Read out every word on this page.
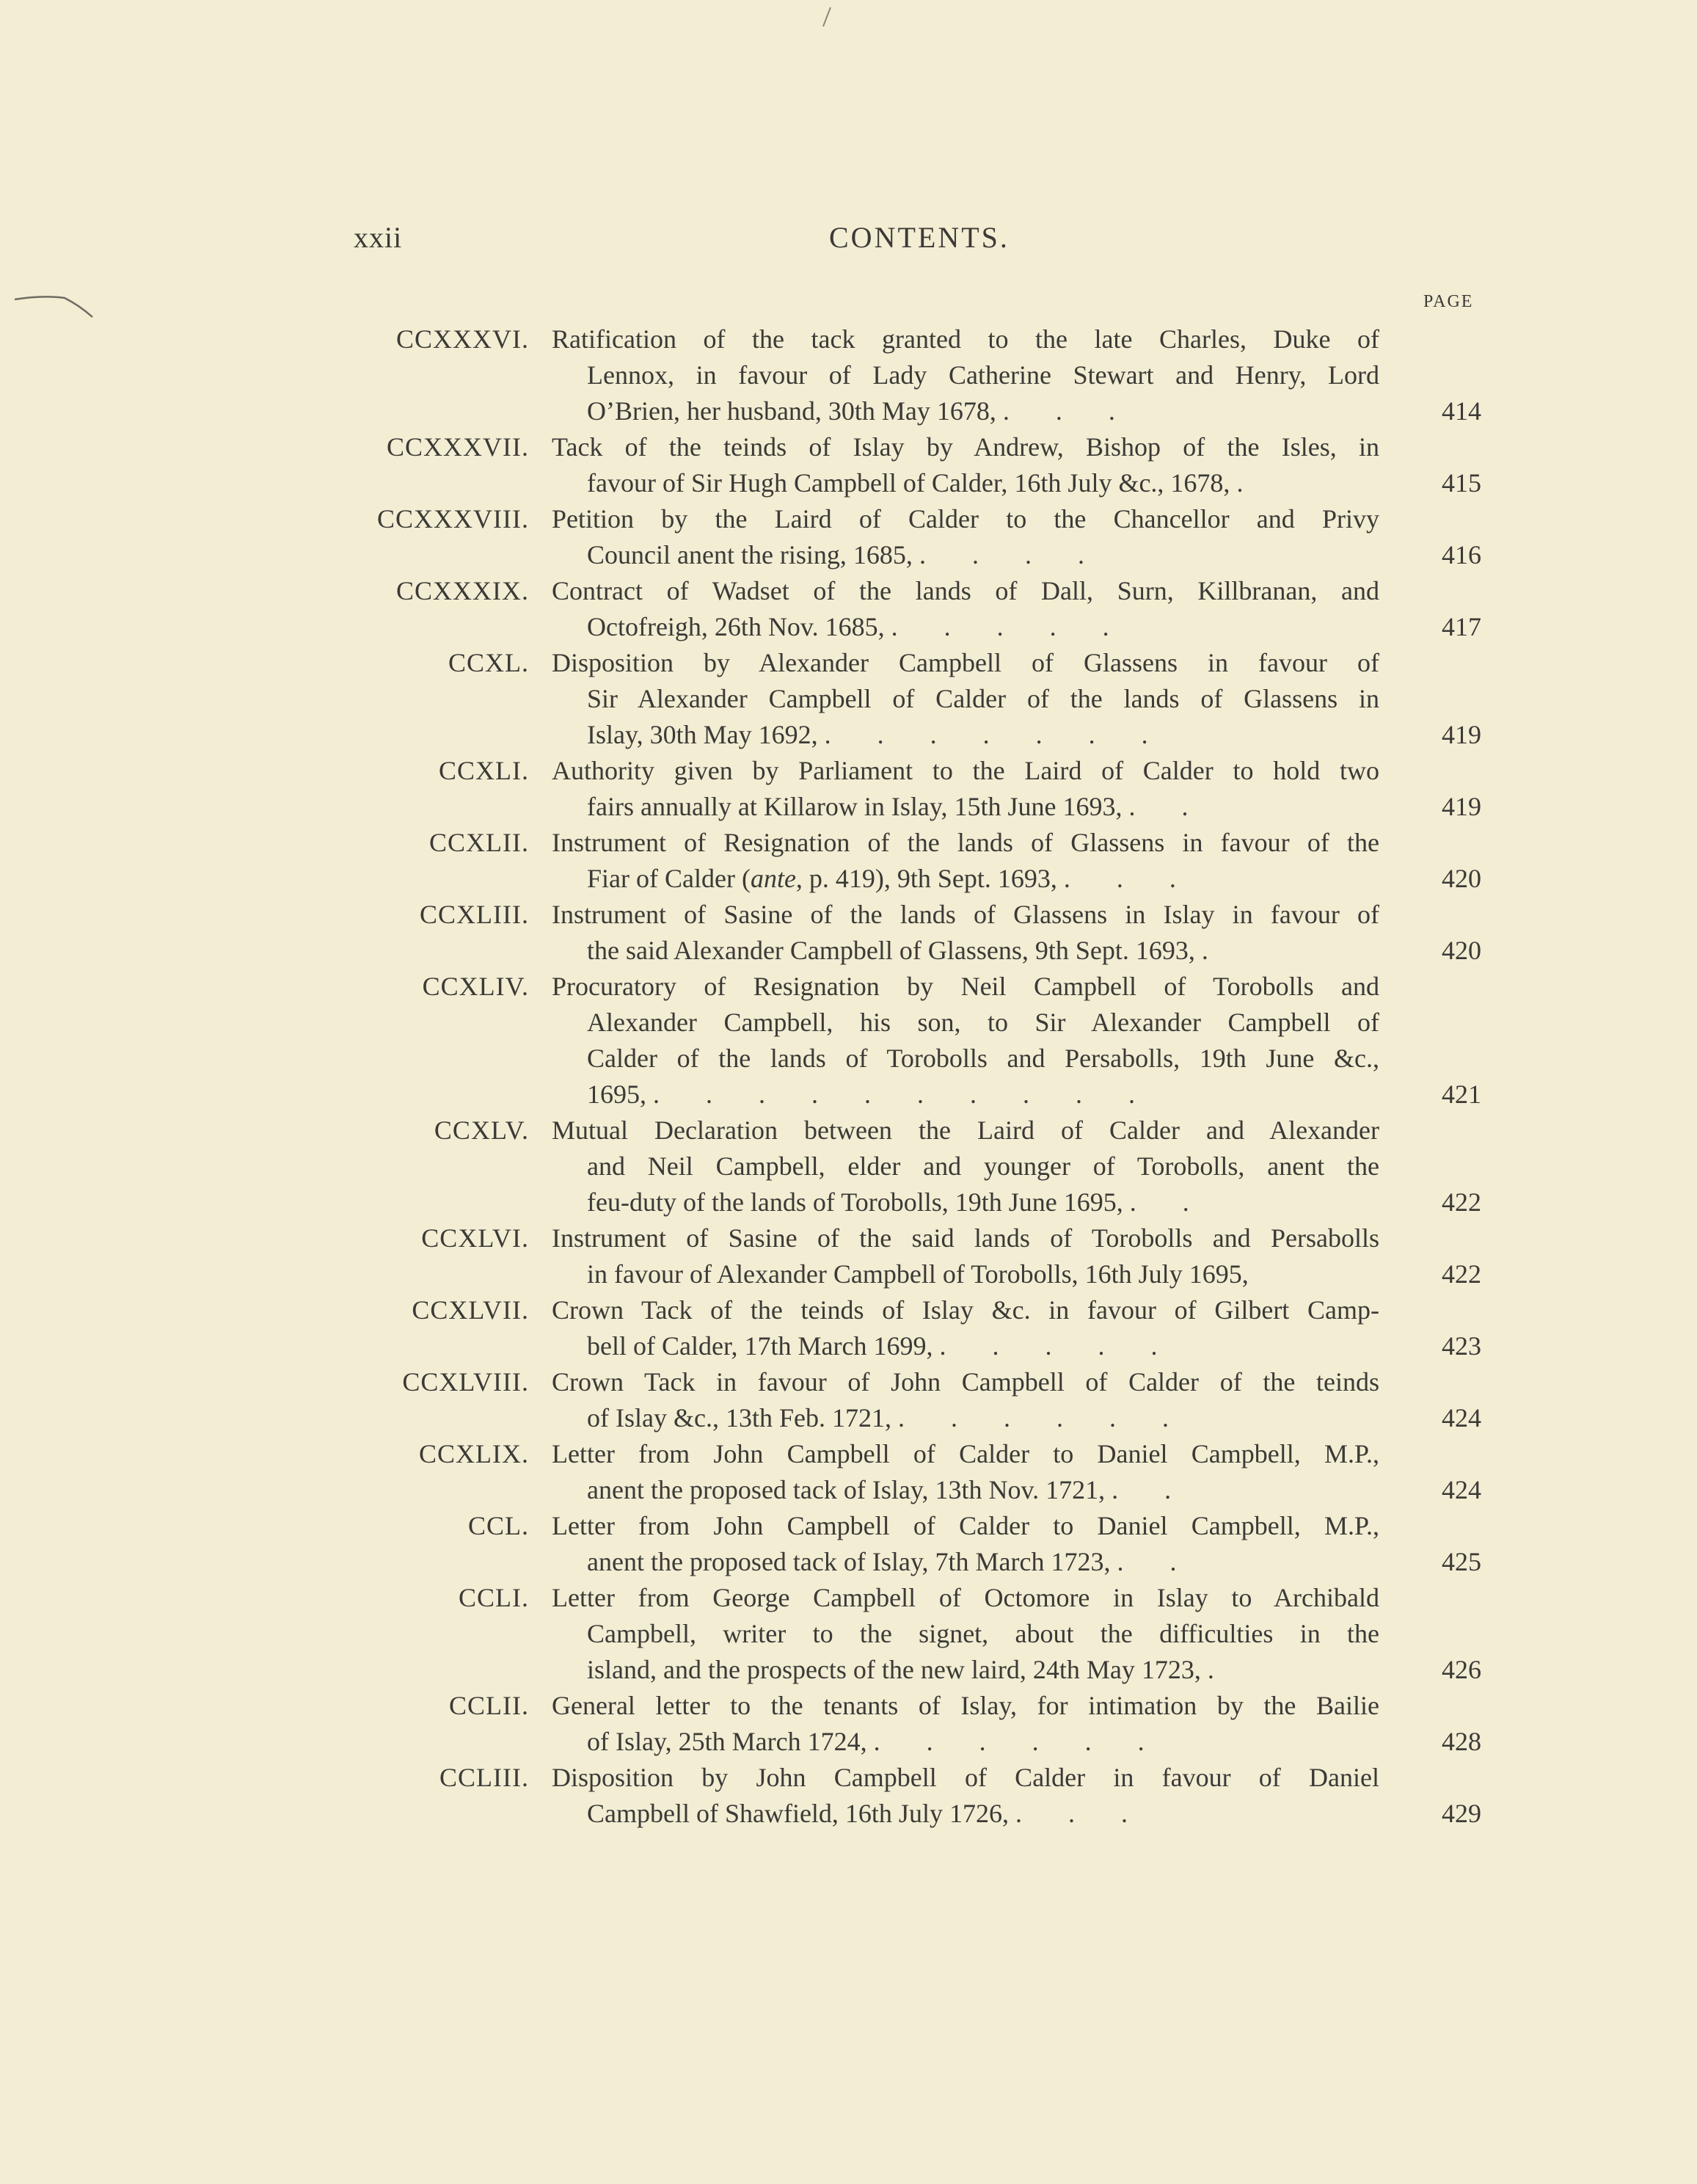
xxii	CONTENTS.
PAGE
CCXXXVI. Ratification of the tack granted to the late Charles, Duke of
Lennox, in favour of Lady Catherine Stewart and Henry, Lord
O’Brien, her husband, 30th May 1678, .       .       .	414
CCXXXVII. Tack of the teinds of Islay by Andrew, Bishop of the Isles, in
favour of Sir Hugh Campbell of Calder, 16th July &c., 1678, .	415
CCXXXVIII. Petition by the Laird of Calder to the Chancellor and Privy
Council anent the rising, 1685, .       .       .       .	416
CCXXXIX. Contract of Wadset of the lands of Dall, Surn, Killbranan, and
Octofreigh, 26th Nov. 1685, .       .       .       .       .	417
CCXL. Disposition by Alexander Campbell of Glassens in favour of
Sir Alexander Campbell of Calder of the lands of Glassens in
Islay, 30th May 1692, .       .       .       .       .       .       .	419
CCXLI. Authority given by Parliament to the Laird of Calder to hold two
fairs annually at Killarow in Islay, 15th June 1693, .       .	419
CCXLII. Instrument of Resignation of the lands of Glassens in favour of the
Fiar of Calder (ante, p. 419), 9th Sept. 1693, .       .       .	420
CCXLIII. Instrument of Sasine of the lands of Glassens in Islay in favour of
the said Alexander Campbell of Glassens, 9th Sept. 1693, .	420
CCXLIV. Procuratory of Resignation by Neil Campbell of Torobolls and
Alexander Campbell, his son, to Sir Alexander Campbell of
Calder of the lands of Torobolls and Persabolls, 19th June &c.,
1695, .       .       .       .       .       .       .       .       .       .	421
CCXLV. Mutual Declaration between the Laird of Calder and Alexander
and Neil Campbell, elder and younger of Torobolls, anent the
feu-duty of the lands of Torobolls, 19th June 1695, .       .	422
CCXLVI. Instrument of Sasine of the said lands of Torobolls and Persabolls
in favour of Alexander Campbell of Torobolls, 16th July 1695,	422
CCXLVII. Crown Tack of the teinds of Islay &c. in favour of Gilbert Camp-
bell of Calder, 17th March 1699, .       .       .       .       .	423
CCXLVIII. Crown Tack in favour of John Campbell of Calder of the teinds
of Islay &c., 13th Feb. 1721, .       .       .       .       .       .	424
CCXLIX. Letter from John Campbell of Calder to Daniel Campbell, M.P.,
anent the proposed tack of Islay, 13th Nov. 1721, .       .	424
CCL. Letter from John Campbell of Calder to Daniel Campbell, M.P.,
anent the proposed tack of Islay, 7th March 1723, .       .	425
CCLI. Letter from George Campbell of Octomore in Islay to Archibald
Campbell, writer to the signet, about the difficulties in the
island, and the prospects of the new laird, 24th May 1723, .	426
CCLII. General letter to the tenants of Islay, for intimation by the Bailie
of Islay, 25th March 1724, .       .       .       .       .       .	428
CCLIII. Disposition by John Campbell of Calder in favour of Daniel
Campbell of Shawfield, 16th July 1726, .       .       .	429
